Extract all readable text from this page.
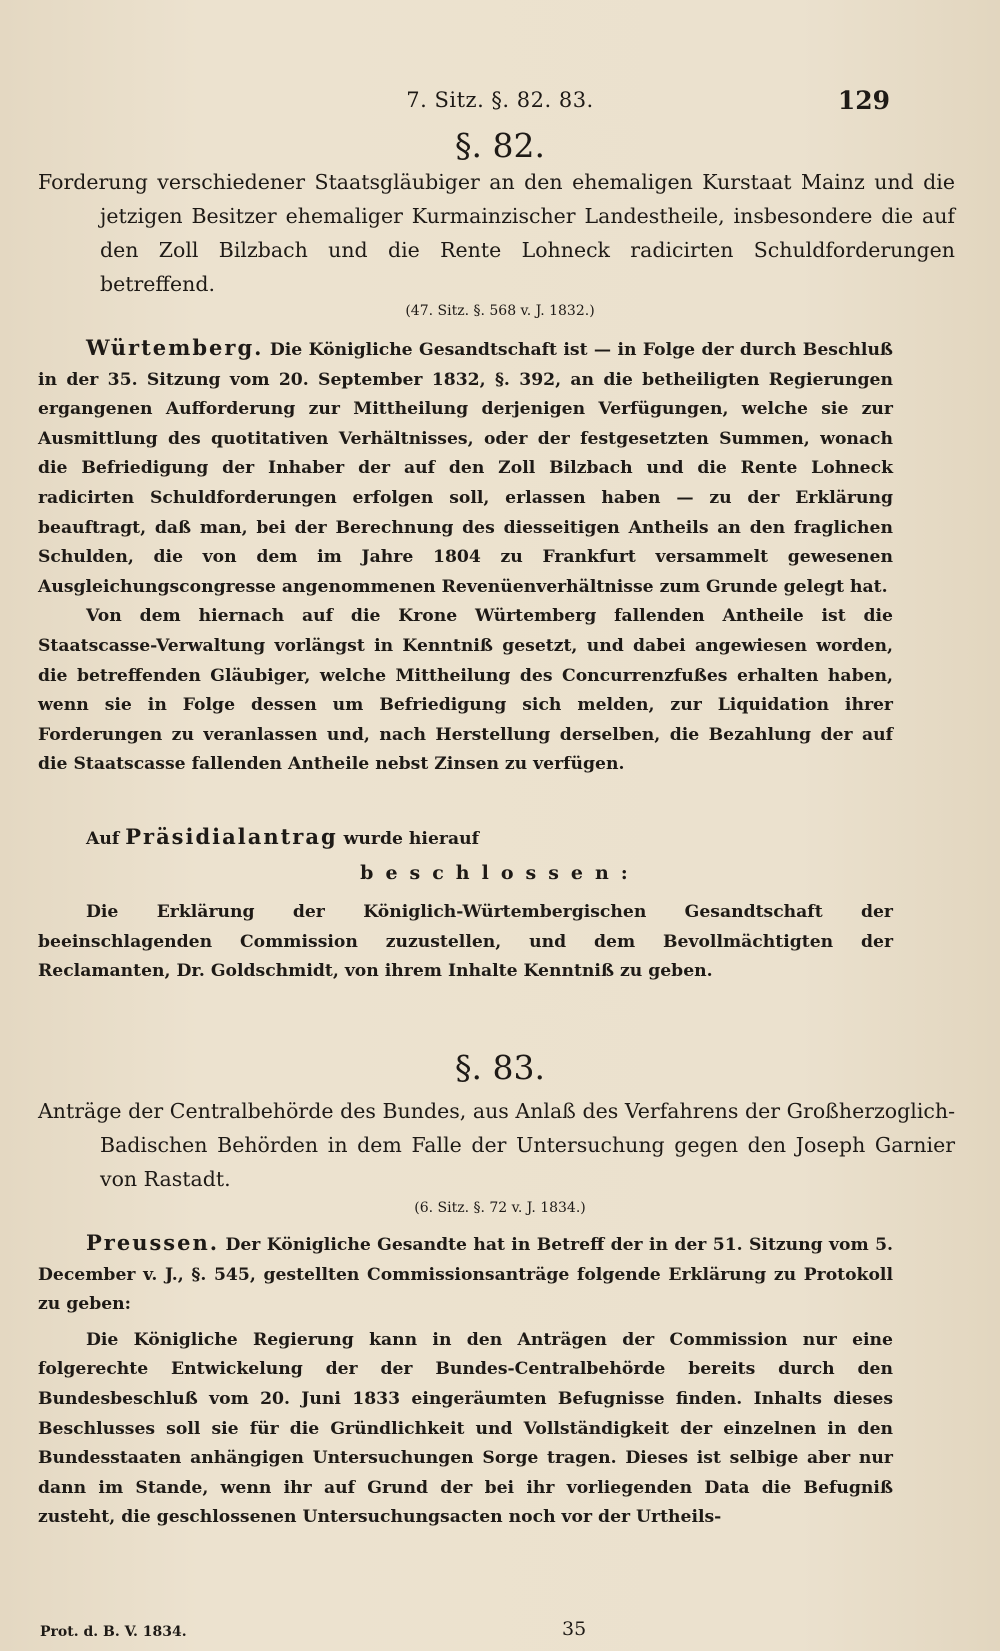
7. Sitz. §. 82. 83.	129
§. 82.
Forderung verschiedener Staatsgläubiger an den ehemaligen Kurstaat Mainz und die jetzigen Besitzer ehemaliger Kurmainzischer Landestheile, insbesondere die auf den Zoll Bilzbach und die Rente Lohneck radicirten Schuldforderungen betreffend.
(47. Sitz. §. 568 v. J. 1832.)

Würtemberg. Die Königliche Gesandtschaft ist — in Folge der durch Beschluß in der 35. Sitzung vom 20. September 1832, §. 392, an die betheiligten Regierungen ergangenen Aufforderung zur Mittheilung derjenigen Verfügungen, welche sie zur Ausmittlung des quotitativen Verhältnisses, oder der festgesetzten Summen, wonach die Befriedigung der Inhaber der auf den Zoll Bilzbach und die Rente Lohneck radicirten Schuldforderungen erfolgen soll, erlassen haben — zu der Erklärung beauftragt, daß man, bei der Berechnung des diesseitigen Antheils an den fraglichen Schulden, die von dem im Jahre 1804 zu Frankfurt versammelt gewesenen Ausgleichungscongresse angenommenen Revenüenverhältnisse zum Grunde gelegt hat.

Von dem hiernach auf die Krone Würtemberg fallenden Antheile ist die Staatscasse-Verwaltung vorlängst in Kenntniß gesetzt, und dabei angewiesen worden, die betreffenden Gläubiger, welche Mittheilung des Concurrenzfußes erhalten haben, wenn sie in Folge dessen um Befriedigung sich melden, zur Liquidation ihrer Forderungen zu veranlassen und, nach Herstellung derselben, die Bezahlung der auf die Staatscasse fallenden Antheile nebst Zinsen zu verfügen.

Auf Präsidialantrag wurde hierauf

beschlossen:

Die Erklärung der Königlich-Würtembergischen Gesandtschaft der beeinschlagenden Commission zuzustellen, und dem Bevollmächtigten der Reclamanten, Dr. Goldschmidt, von ihrem Inhalte Kenntniß zu geben.

§. 83.
Anträge der Centralbehörde des Bundes, aus Anlaß des Verfahrens der Großherzoglich-Badischen Behörden in dem Falle der Untersuchung gegen den Joseph Garnier von Rastadt.
(6. Sitz. §. 72 v. J. 1834.)

Preussen. Der Königliche Gesandte hat in Betreff der in der 51. Sitzung vom 5. December v. J., §. 545, gestellten Commissionsanträge folgende Erklärung zu Protokoll zu geben:

Die Königliche Regierung kann in den Anträgen der Commission nur eine folgerechte Entwickelung der der Bundes-Centralbehörde bereits durch den Bundesbeschluß vom 20. Juni 1833 eingeräumten Befugnisse finden. Inhalts dieses Beschlusses soll sie für die Gründlichkeit und Vollständigkeit der einzelnen in den Bundesstaaten anhängigen Untersuchungen Sorge tragen. Dieses ist selbige aber nur dann im Stande, wenn ihr auf Grund der bei ihr vorliegenden Data die Befugniß zusteht, die geschlossenen Untersuchungsacten noch vor der Urtheils-

Prot. d. B. V. 1834.	35
